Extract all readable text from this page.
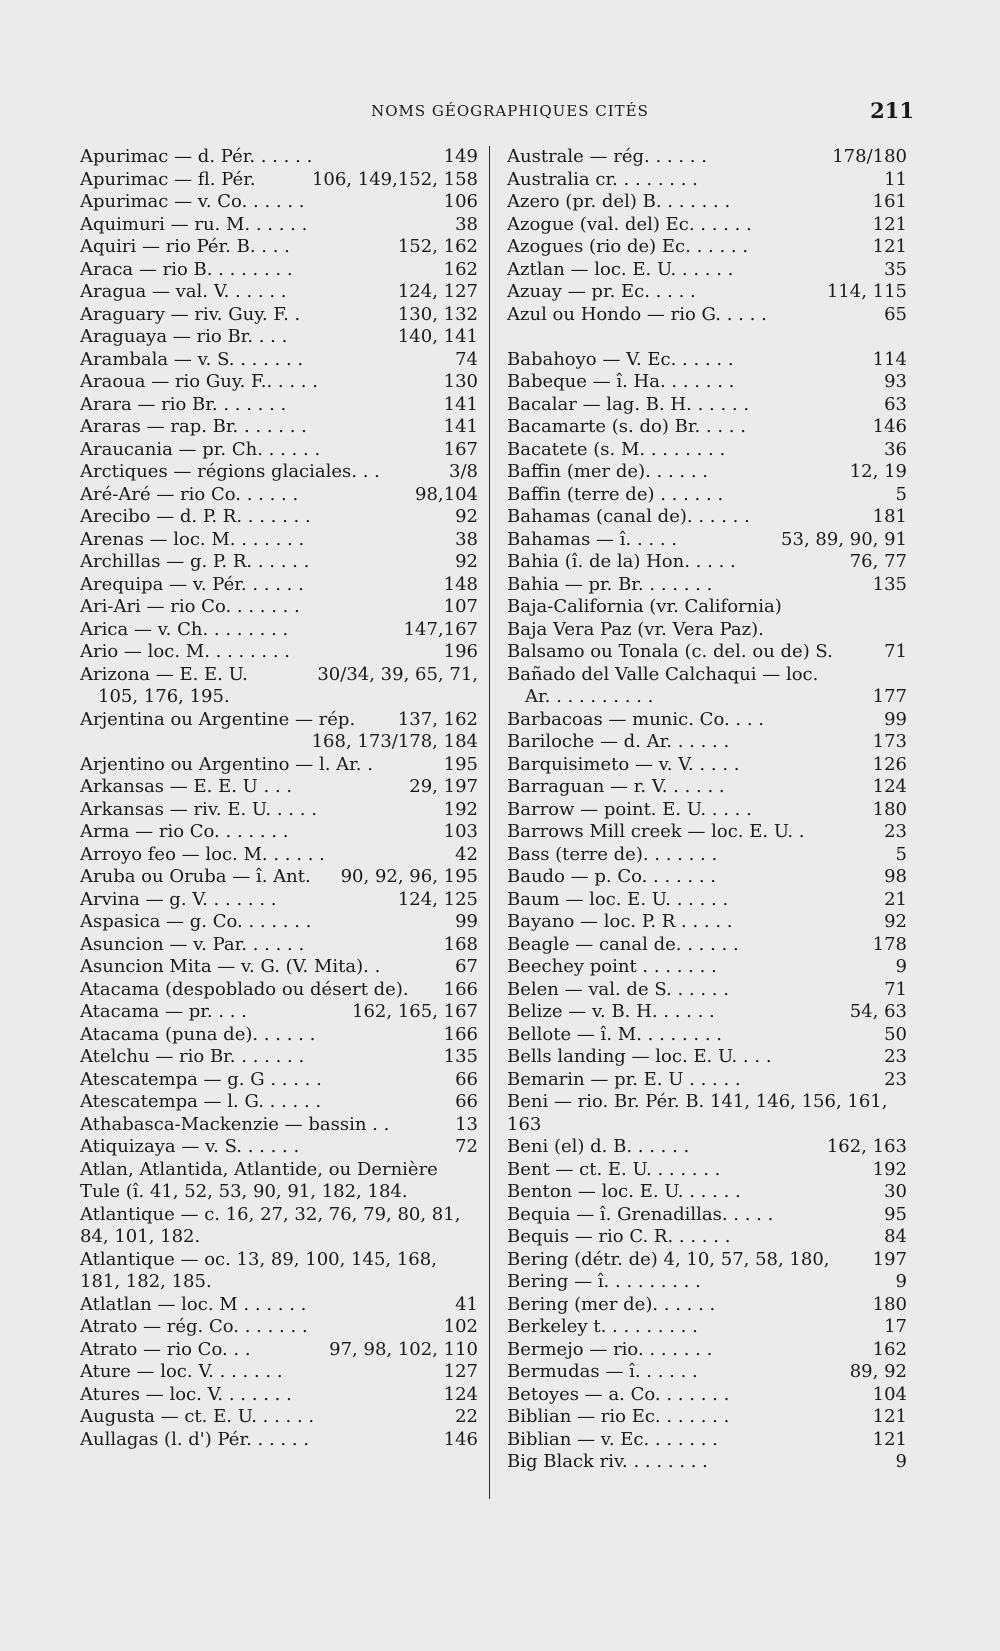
NOMS GÉOGRAPHIQUES CITÉS	211
Apurimac — d. Pér. . . . . .	149
Apurimac — fl. Pér.	106, 149,152, 158
Apurimac — v. Co. . . . . .	106
Aquimuri — ru. M. . . . . .	38
Aquiri — rio Pér. B. . . .	152, 162
Araca — rio B. . . . . . . .	162
Aragua — val. V. . . . . .	124, 127
Araguary — riv. Guy. F. .	130, 132
Araguaya — rio Br. . . .	140, 141
Arambala — v. S. . . . . . .	74
Araoua — rio Guy. F.. . . . .	130
Arara — rio Br. . . . . . .	141
Araras — rap. Br. . . . . . .	141
Araucania — pr. Ch. . . . . .	167
Arctiques — régions glaciales. . .	3/8
Aré-Aré — rio Co. . . . . .	98,104
Arecibo — d. P. R. . . . . . .	92
Arenas — loc. M. . . . . . .	38
Archillas — g. P. R. . . . . .	92
Arequipa — v. Pér. . . . . .	148
Ari-Ari — rio Co. . . . . . .	107
Arica — v. Ch. . . . . . . .	147,167
Ario — loc. M. . . . . . . .	196
Arizona — E. E. U.	30/34, 39, 65, 71,
105, 176, 195.
Arjentina ou Argentine — rép. 137, 162
168, 173/178, 184
Arjentino ou Argentino — l. Ar. .	195
Arkansas — E. E. U . . .	29, 197
Arkansas — riv. E. U. . . . .	192
Arma — rio Co. . . . . . .	103
Arroyo feo — loc. M. . . . . .	42
Aruba ou Oruba — î. Ant. 90, 92, 96, 195
Arvina — g. V. . . . . . .	124, 125
Aspasica — g. Co. . . . . . .	99
Asuncion — v. Par. . . . . .	168
Asuncion Mita — v. G. (V. Mita). .	67
Atacama (despoblado ou désert de). 166
Atacama — pr. . . .	162, 165, 167
Atacama (puna de). . . . . .	166
Atelchu — rio Br. . . . . . .	135
Atescatempa — g. G . . . . .	66
Atescatempa — l. G. . . . . .	66
Athabasca-Mackenzie — bassin . .	13
Atiquizaya — v. S. . . . . .	72
Atlan, Atlantida, Atlantide, ou Dernière Tule (î. 41, 52, 53, 90, 91, 182, 184.
Atlantique — c. 16, 27, 32, 76, 79, 80, 81, 84, 101, 182.
Atlantique — oc. 13, 89, 100, 145, 168, 181, 182, 185.
Atlatlan — loc. M . . . . . .	41
Atrato — rég. Co. . . . . . .	102
Atrato — rio Co. . .	97, 98, 102, 110
Ature — loc. V. . . . . . .	127
Atures — loc. V. . . . . . .	124
Augusta — ct. E. U. . . . . .	22
Aullagas (l. d') Pér. . . . . .	146
Australe — rég. . . . . .	178/180
Australia cr. . . . . . . .	11
Azero (pr. del) B. . . . . . .	161
Azogue (val. del) Ec. . . . . .	121
Azogues (rio de) Ec. . . . . .	121
Aztlan — loc. E. U. . . . . .	35
Azuay — pr. Ec. . . . .	114, 115
Azul ou Hondo — rio G. . . . .	65
Babahoyo — V. Ec. . . . . .	114
Babeque — î. Ha. . . . . . .	93
Bacalar — lag. B. H. . . . . .	63
Bacamarte (s. do) Br. . . . .	146
Bacatete (s. M. . . . . . . .	36
Baffin (mer de). . . . . .	12, 19
Baffin (terre de) . . . . . .	5
Bahamas (canal de). . . . . .	181
Bahamas — î. . . . .	53, 89, 90, 91
Bahia (î. de la) Hon. . . . .	76, 77
Bahia — pr. Br. . . . . . .	135
Baja-California (vr. California)
Baja Vera Paz (vr. Vera Paz).
Balsamo ou Tonala (c. del. ou de) S.	71
Bañado del Valle Calchaqui — loc.
Ar. . . . . . . . . .	177
Barbacoas — munic. Co. . . .	99
Bariloche — d. Ar. . . . . .	173
Barquisimeto — v. V. . . . .	126
Barraguan — r. V. . . . . .	124
Barrow — point. E. U. . . . .	180
Barrows Mill creek — loc. E. U. .	23
Bass (terre de). . . . . . .	5
Baudo — p. Co. . . . . . .	98
Baum — loc. E. U. . . . . .	21
Bayano — loc. P. R . . . . .	92
Beagle — canal de. . . . . .	178
Beechey point . . . . . . .	9
Belen — val. de S. . . . . .	71
Belize — v. B. H. . . . . .	54, 63
Bellote — î. M. . . . . . . .	50
Bells landing — loc. E. U. . . .	23
Bemarin — pr. E. U . . . . .	23
Beni — rio. Br. Pér. B. 141, 146, 156, 161, 163
Beni (el) d. B. . . . . .	162, 163
Bent — ct. E. U. . . . . . .	192
Benton — loc. E. U. . . . . .	30
Bequia — î. Grenadillas. . . . .	95
Bequis — rio C. R. . . . . .	84
Bering (détr. de) 4, 10, 57, 58, 180, 197
Bering — î. . . . . . . . .	9
Bering (mer de). . . . . .	180
Berkeley t. . . . . . . . .	17
Bermejo — rio. . . . . . .	162
Bermudas — î. . . . . .	89, 92
Betoyes — a. Co. . . . . . .	104
Biblian — rio Ec. . . . . . .	121
Biblian — v. Ec. . . . . . .	121
Big Black riv. . . . . . . .	9
